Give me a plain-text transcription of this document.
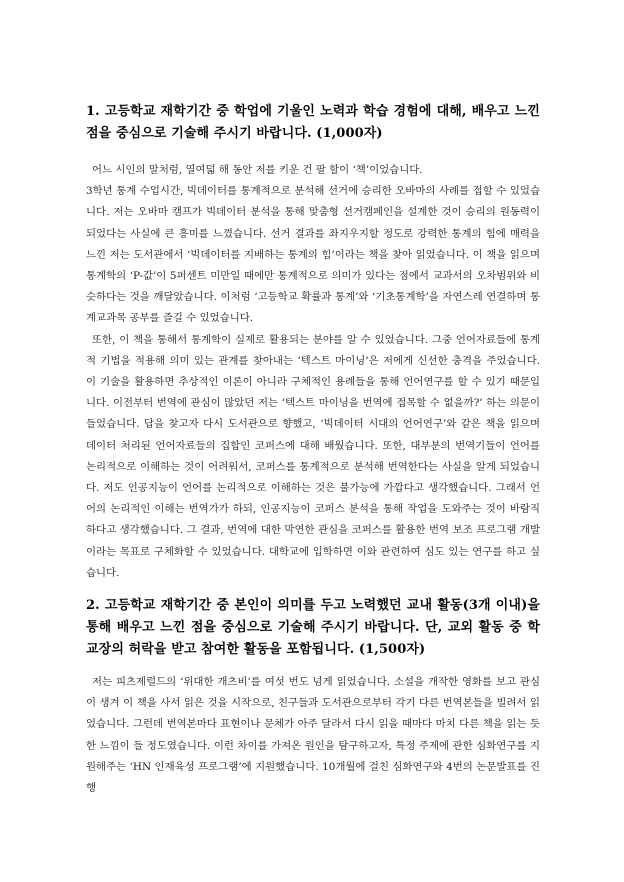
1. 고등학교 재학기간 중 학업에 기울인 노력과 학습 경험에 대해, 배우고 느낀 점을 중심으로 기술해 주시기 바랍니다. (1,000자)

어느 시인의 말처럼, 열여덟 해 동안 저를 키운 건 팔 할이 ‘책’이었습니다.

3학년 통계 수업시간, 빅데이터를 통계적으로 분석해 선거에 승리한 오바마의 사례를 접할 수 있었습니다. 저는 오바마 캠프가 빅데이터 분석을 통해 맞춤형 선거캠페인을 설계한 것이 승리의 원동력이 되었다는 사실에 큰 흥미를 느꼈습니다. 선거 결과를 좌지우지할 정도로 강력한 통계의 힘에 매력을 느낀 저는 도서관에서 ‘빅데이터를 지배하는 통계의 힘’이라는 책을 찾아 읽었습니다. 이 책을 읽으며 통계학의 ‘P-값’이 5퍼센트 미만일 때에만 통계적으로 의미가 있다는 점에서 교과서의 오차범위와 비슷하다는 것을 깨달았습니다. 이처럼 ‘고등학교 확률과 통계’와 ‘기초통계학’을 자연스레 연결하며 통계교과목 공부를 즐길 수 있었습니다.

또한, 이 책을 통해서 통계학이 실제로 활용되는 분야를 알 수 있었습니다. 그중 언어자료들에 통계적 기법을 적용해 의미 있는 관계를 찾아내는 ‘텍스트 마이닝’은 저에게 신선한 충격을 주었습니다. 이 기술을 활용하면 추상적인 이론이 아니라 구체적인 용례들을 통해 언어연구를 할 수 있기 때문입니다. 이전부터 번역에 관심이 많았던 저는 ‘텍스트 마이닝을 번역에 접목할 수 없을까?’ 하는 의문이 들었습니다. 답을 찾고자 다시 도서관으로 향했고, ‘빅데이터 시대의 언어연구’와 같은 책을 읽으며 데이터 처리된 언어자료들의 집합인 코퍼스에 대해 배웠습니다. 또한, 대부분의 번역기들이 언어를 논리적으로 이해하는 것이 어려워서, 코퍼스를 통계적으로 분석해 번역한다는 사실을 알게 되었습니다. 저도 인공지능이 언어를 논리적으로 이해하는 것은 불가능에 가깝다고 생각했습니다. 그래서 언어의 논리적인 이해는 번역가가 하되, 인공지능이 코퍼스 분석을 통해 작업을 도와주는 것이 바람직하다고 생각했습니다. 그 결과, 번역에 대한 막연한 관심을 코퍼스를 활용한 번역 보조 프로그램 개발이라는 목표로 구체화할 수 있었습니다. 대학교에 입학하면 이와 관련하여 심도 있는 연구를 하고 싶습니다.

2. 고등학교 재학기간 중 본인이 의미를 두고 노력했던 교내 활동(3개 이내)을 통해 배우고 느낀 점을 중심으로 기술해 주시기 바랍니다. 단, 교외 활동 중 학교장의 허락을 받고 참여한 활동을 포함됩니다. (1,500자)

저는 피츠제럴드의 ‘위대한 개츠비’를 여섯 번도 넘게 읽었습니다. 소설을 개작한 영화를 보고 관심이 생겨 이 책을 사서 읽은 것을 시작으로, 친구들과 도서관으로부터 각기 다른 번역본들을 빌려서 읽었습니다. 그런데 번역본마다 표현이나 문체가 아주 달라서 다시 읽을 때마다 마치 다른 책을 읽는 듯 한 느낌이 들 정도였습니다. 이런 차이를 가져온 원인을 탐구하고자, 특정 주제에 관한 심화연구를 지원해주는 ‘HN 인재육성 프로그램’에 지원했습니다. 10개월에 걸친 심화연구와 4번의 논문발표를 진행
